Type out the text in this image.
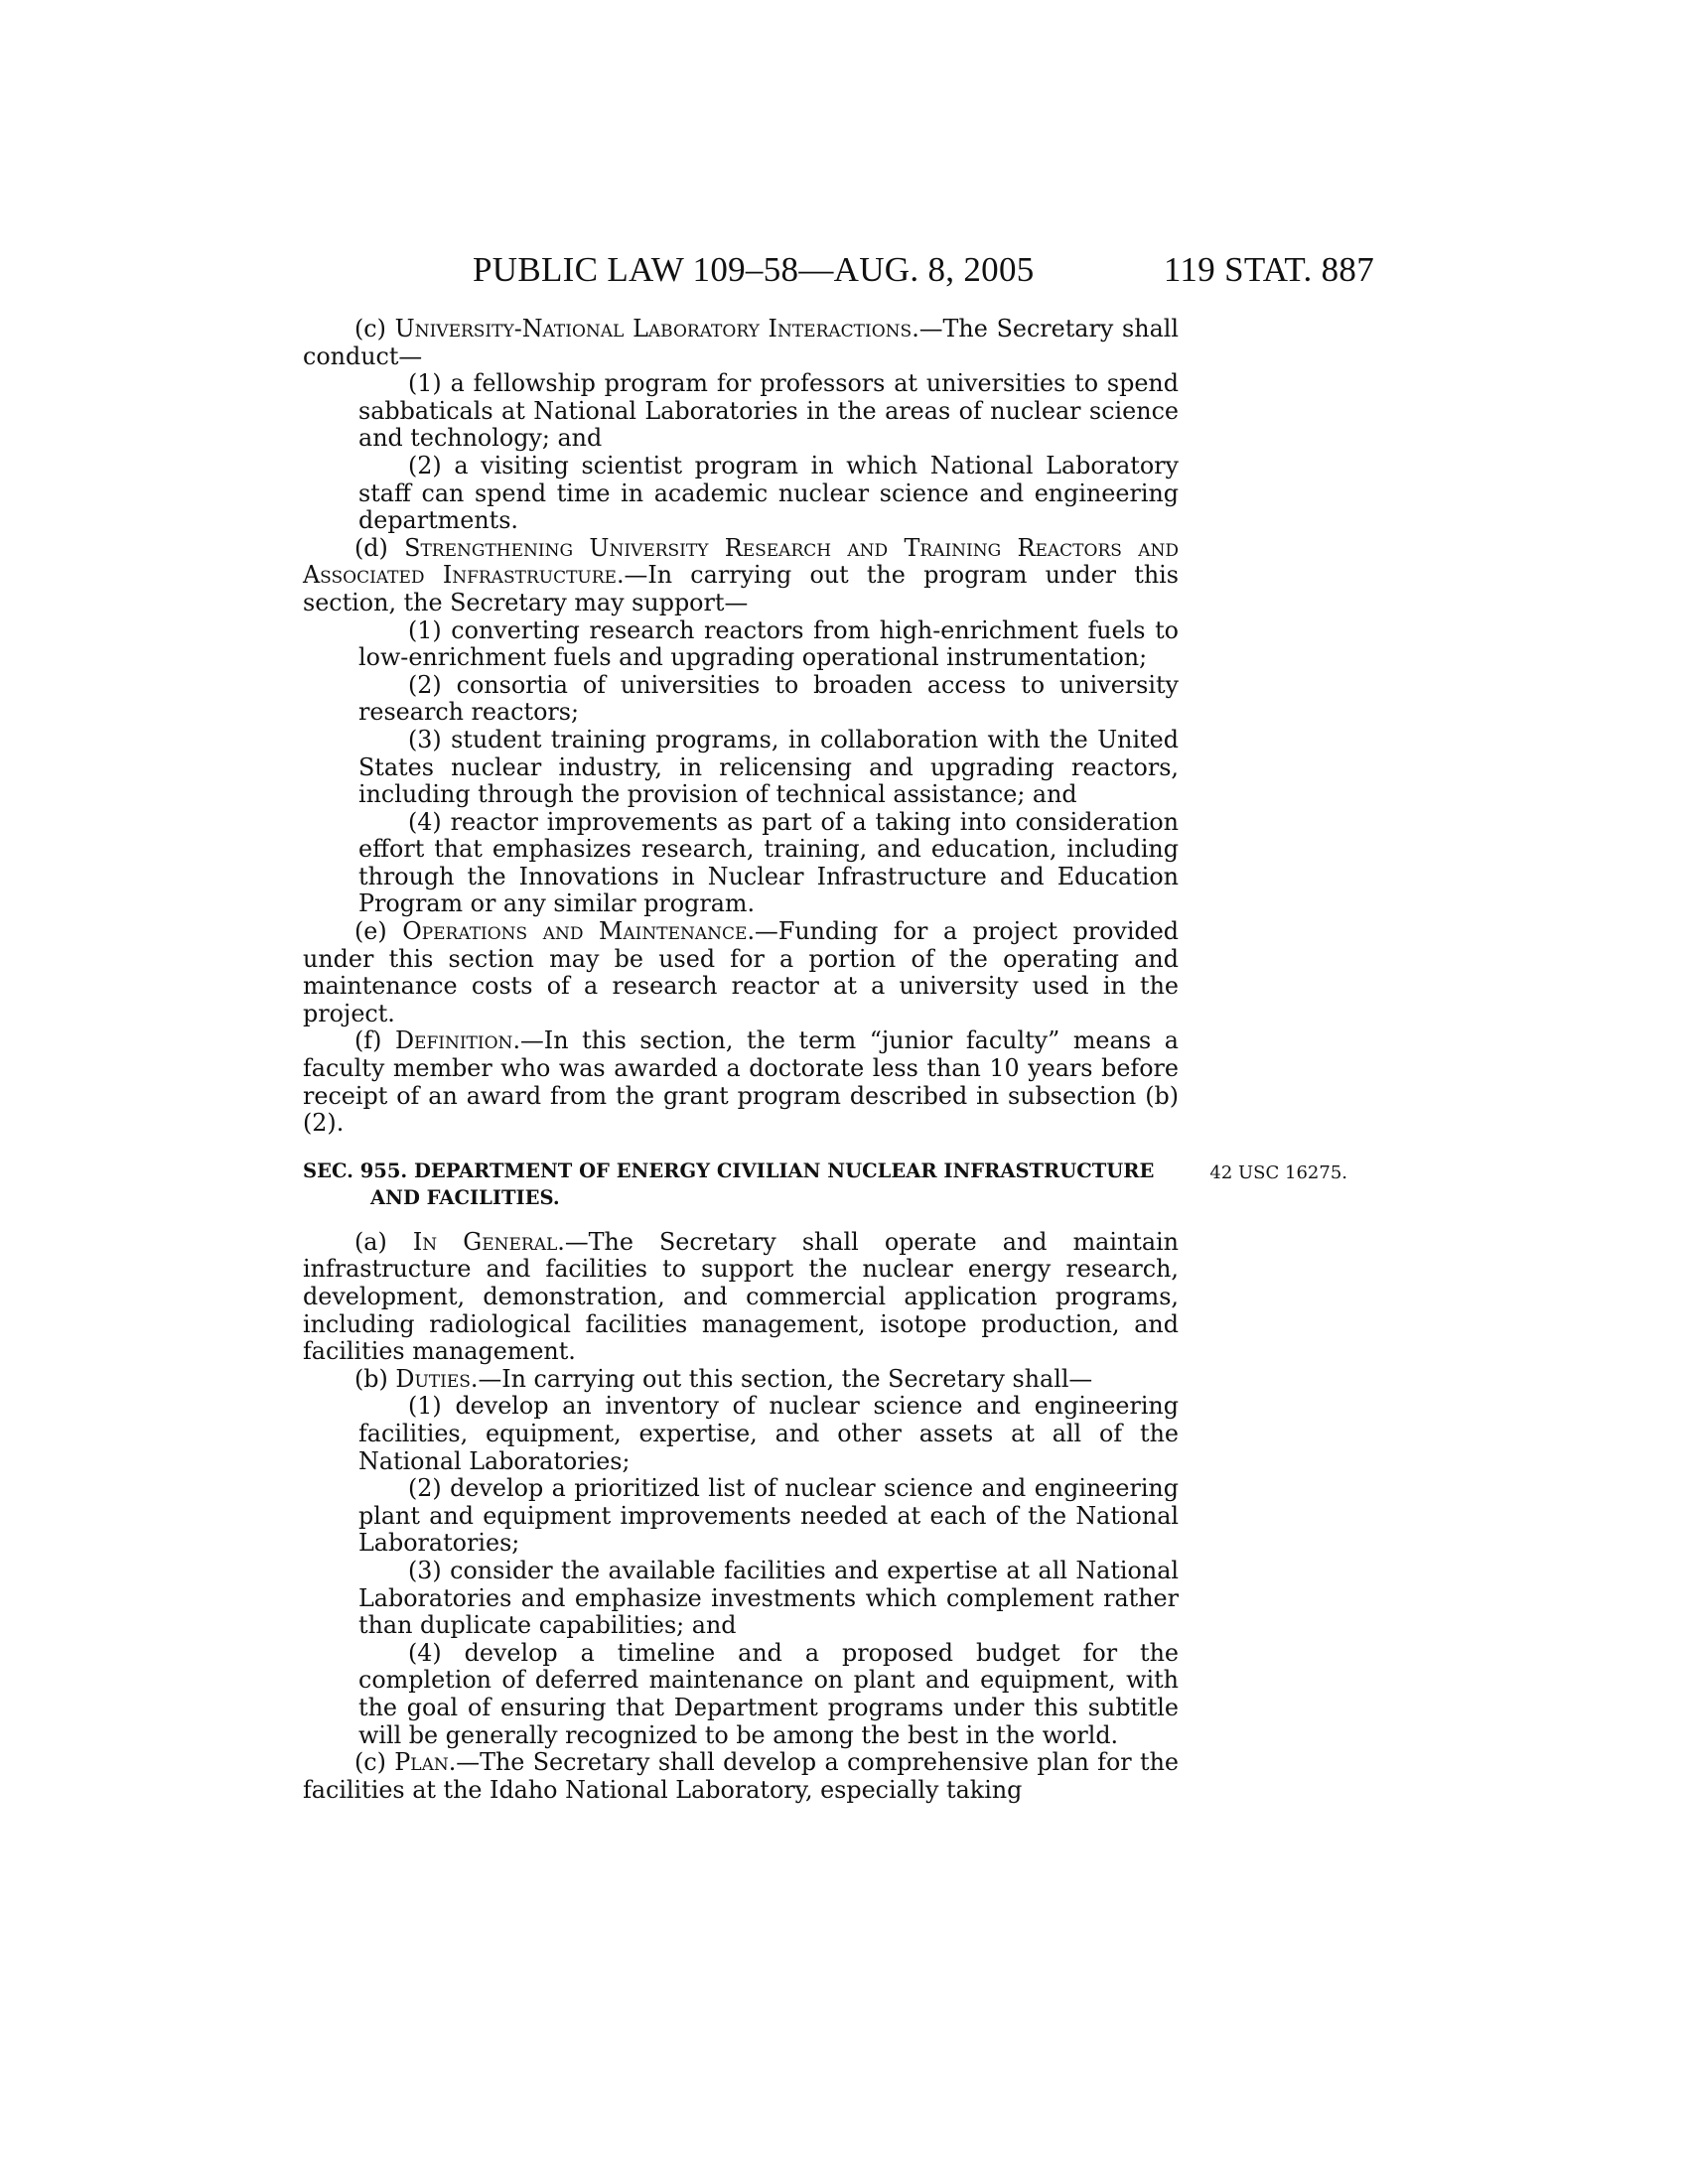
PUBLIC LAW 109–58—AUG. 8, 2005	119 STAT. 887

(c) University-National Laboratory Interactions.—The Secretary shall conduct—

(1) a fellowship program for professors at universities to spend sabbaticals at National Laboratories in the areas of nuclear science and technology; and

(2) a visiting scientist program in which National Laboratory staff can spend time in academic nuclear science and engineering departments.

(d) Strengthening University Research and Training Reactors and Associated Infrastructure.—In carrying out the program under this section, the Secretary may support—

(1) converting research reactors from high-enrichment fuels to low-enrichment fuels and upgrading operational instrumentation;

(2) consortia of universities to broaden access to university research reactors;

(3) student training programs, in collaboration with the United States nuclear industry, in relicensing and upgrading reactors, including through the provision of technical assistance; and

(4) reactor improvements as part of a taking into consideration effort that emphasizes research, training, and education, including through the Innovations in Nuclear Infrastructure and Education Program or any similar program.

(e) Operations and Maintenance.—Funding for a project provided under this section may be used for a portion of the operating and maintenance costs of a research reactor at a university used in the project.

(f) Definition.—In this section, the term “junior faculty” means a faculty member who was awarded a doctorate less than 10 years before receipt of an award from the grant program described in subsection (b)(2).

SEC. 955. DEPARTMENT OF ENERGY CIVILIAN NUCLEAR INFRASTRUCTURE AND FACILITIES.

42 USC 16275.

(a) In General.—The Secretary shall operate and maintain infrastructure and facilities to support the nuclear energy research, development, demonstration, and commercial application programs, including radiological facilities management, isotope production, and facilities management.

(b) Duties.—In carrying out this section, the Secretary shall—

(1) develop an inventory of nuclear science and engineering facilities, equipment, expertise, and other assets at all of the National Laboratories;

(2) develop a prioritized list of nuclear science and engineering plant and equipment improvements needed at each of the National Laboratories;

(3) consider the available facilities and expertise at all National Laboratories and emphasize investments which complement rather than duplicate capabilities; and

(4) develop a timeline and a proposed budget for the completion of deferred maintenance on plant and equipment, with the goal of ensuring that Department programs under this subtitle will be generally recognized to be among the best in the world.

(c) Plan.—The Secretary shall develop a comprehensive plan for the facilities at the Idaho National Laboratory, especially taking
